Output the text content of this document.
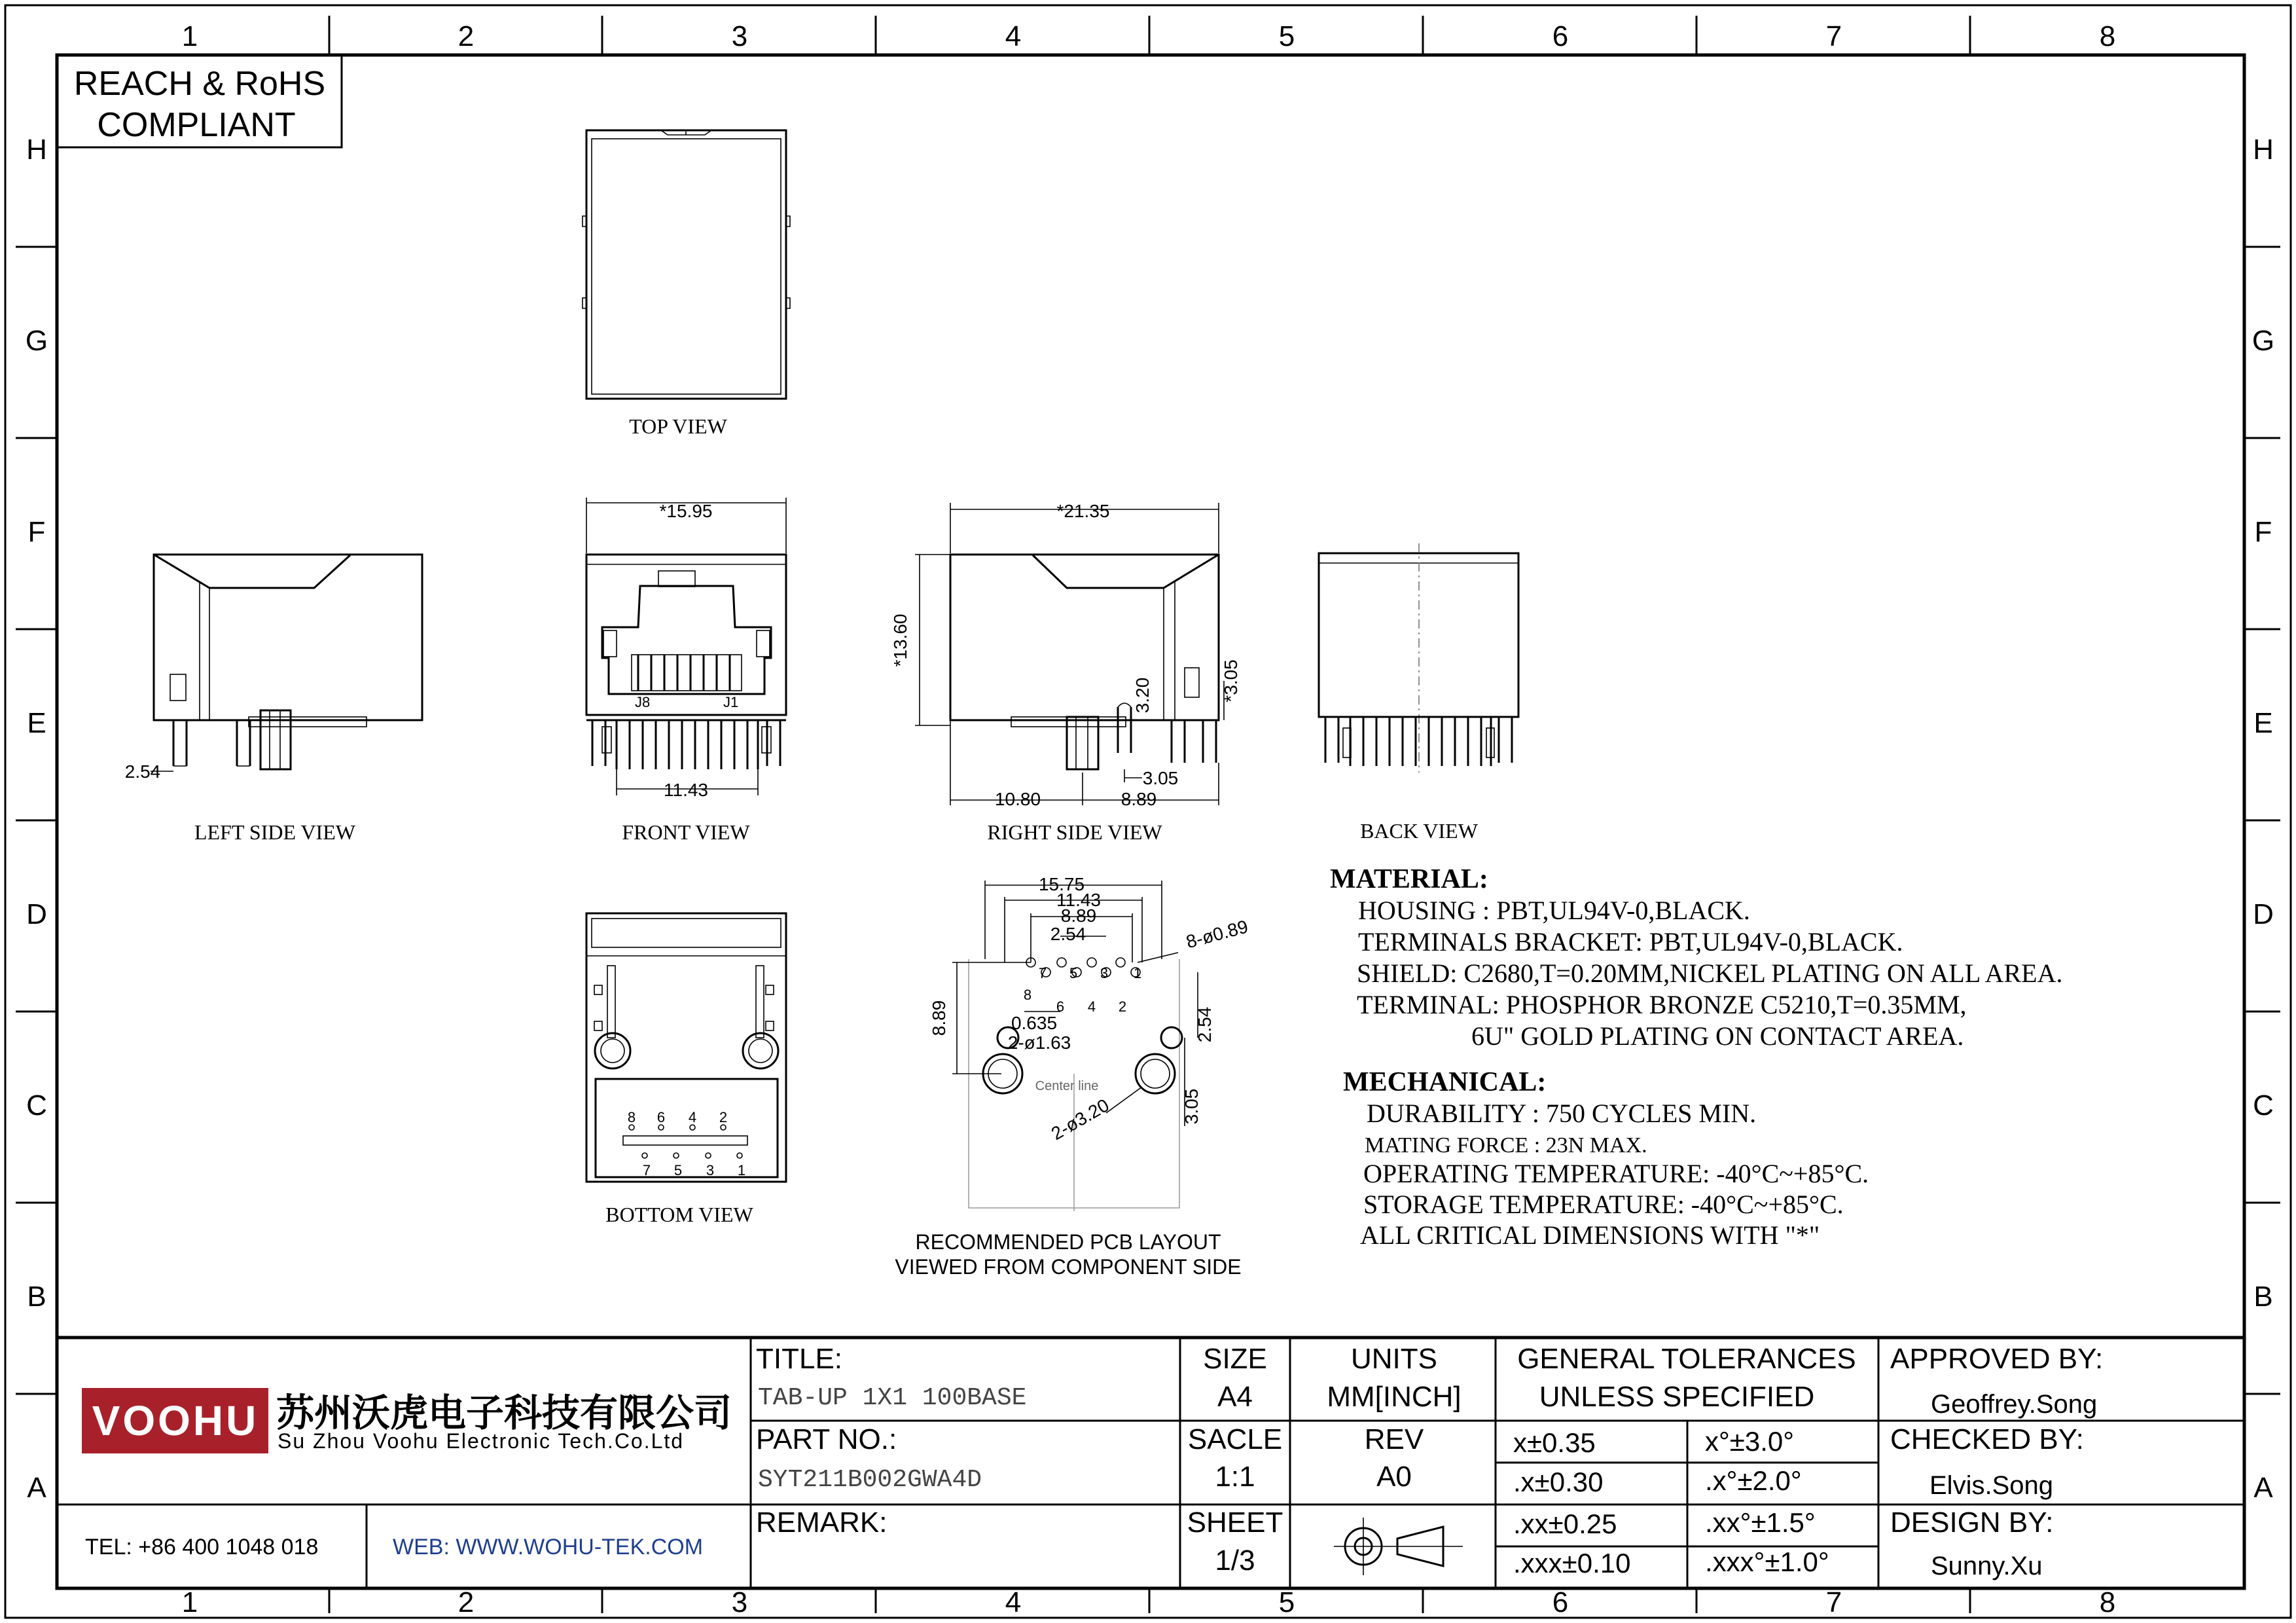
1	2	3	4	5	6	7	8
1	2	3	4	5	6	7	8
H
G
F
E
D
C
B
A
H
G
F
E
D
C
B
A
REACH & RoHS
COMPLIANT
TOP VIEW
2.54
LEFT SIDE VIEW
*15.95
J8	J1
11.43
FRONT VIEW
*21.35
*13.60
3.20	*3.05
3.05
10.80	8.89
RIGHT SIDE VIEW	BACK VIEW
8 6 4 2
7 5 3 1
BOTTOM VIEW
15.75
11.43
8.89
2.54
8
7 5 3 1
6 4 2
8-ø0.89
8.89	0.635
2-ø1.63
Center line
2-ø3.20
2.54
3.05
RECOMMENDED PCB LAYOUT
VIEWED FROM COMPONENT SIDE
MATERIAL:
HOUSING : PBT,UL94V-0,BLACK.
TERMINALS BRACKET: PBT,UL94V-0,BLACK.
SHIELD: C2680,T=0.20MM,NICKEL PLATING ON ALL AREA.
TERMINAL: PHOSPHOR BRONZE C5210,T=0.35MM,
6U" GOLD PLATING ON CONTACT AREA.
MECHANICAL:
DURABILITY : 750 CYCLES MIN.
MATING FORCE : 23N MAX.
OPERATING TEMPERATURE: -40°C~+85°C.
STORAGE TEMPERATURE: -40°C~+85°C.
ALL CRITICAL DIMENSIONS WITH "*"
VOOHU 苏州沃虎电子科技有限公司
Su Zhou Voohu Electronic Tech.Co.Ltd
TEL: +86 400 1048 018	WEB: WWW.WOHU-TEK.COM
TITLE:
TAB-UP 1X1 100BASE
PART NO.:
SYT211B002GWA4D
REMARK:
SIZE
A4
SACLE
1:1
SHEET
1/3
UNITS
MM[INCH]
REV
A0
GENERAL TOLERANCES
UNLESS SPECIFIED
x±0.35	x°±3.0°
.x±0.30	.x°±2.0°
.xx±0.25	.xx°±1.5°
.xxx±0.10	.xxx°±1.0°
APPROVED BY:
Geoffrey.Song
CHECKED BY:
Elvis.Song
DESIGN BY:
Sunny.Xu
